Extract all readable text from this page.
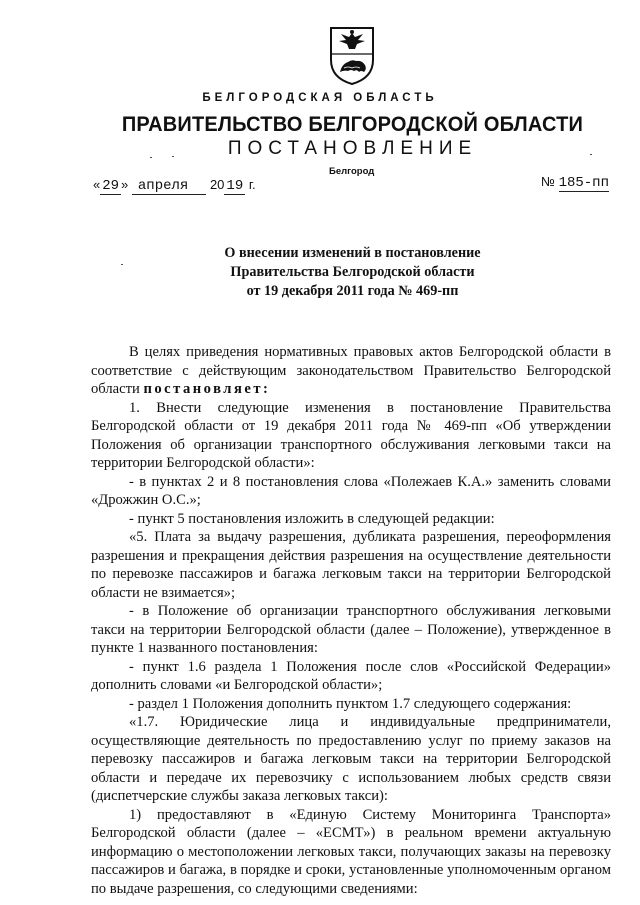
БЕЛГОРОДСКАЯ ОБЛАСТЬ
ПРАВИТЕЛЬСТВО БЕЛГОРОДСКОЙ ОБЛАСТИ
ПОСТАНОВЛЕНИЕ
Белгород
« 29 » апреля 20 19 г.	№ 185-пп
О внесении изменений в постановление
Правительства Белгородской области
от 19 декабря 2011 года № 469-пп

В целях приведения нормативных правовых актов Белгородской области в соответствие с действующим законодательством Правительство Белгородской области постановляет:

1. Внести следующие изменения в постановление Правительства Белгородской области от 19 декабря 2011 года № 469-пп «Об утверждении Положения об организации транспортного обслуживания легковыми такси на территории Белгородской области»:

- в пунктах 2 и 8 постановления слова «Полежаев К.А.» заменить словами «Дрожжин О.С.»;

- пункт 5 постановления изложить в следующей редакции:

«5. Плата за выдачу разрешения, дубликата разрешения, переоформления разрешения и прекращения действия разрешения на осуществление деятельности по перевозке пассажиров и багажа легковым такси на территории Белгородской области не взимается»;

- в Положение об организации транспортного обслуживания легковыми такси на территории Белгородской области (далее – Положение), утвержденное в пункте 1 названного постановления:

- пункт 1.6 раздела 1 Положения после слов «Российской Федерации» дополнить словами «и Белгородской области»;

- раздел 1 Положения дополнить пунктом 1.7 следующего содержания:

«1.7. Юридические лица и индивидуальные предприниматели, осуществляющие деятельность по предоставлению услуг по приему заказов на перевозку пассажиров и багажа легковым такси на территории Белгородской области и передаче их перевозчику с использованием любых средств связи (диспетчерские службы заказа легковых такси):

1) предоставляют в «Единую Систему Мониторинга Транспорта» Белгородской области (далее – «ЕСМТ») в реальном времени актуальную информацию о местоположении легковых такси, получающих заказы на перевозку пассажиров и багажа, в порядке и сроки, установленные уполномоченным органом по выдаче разрешения, со следующими сведениями:
